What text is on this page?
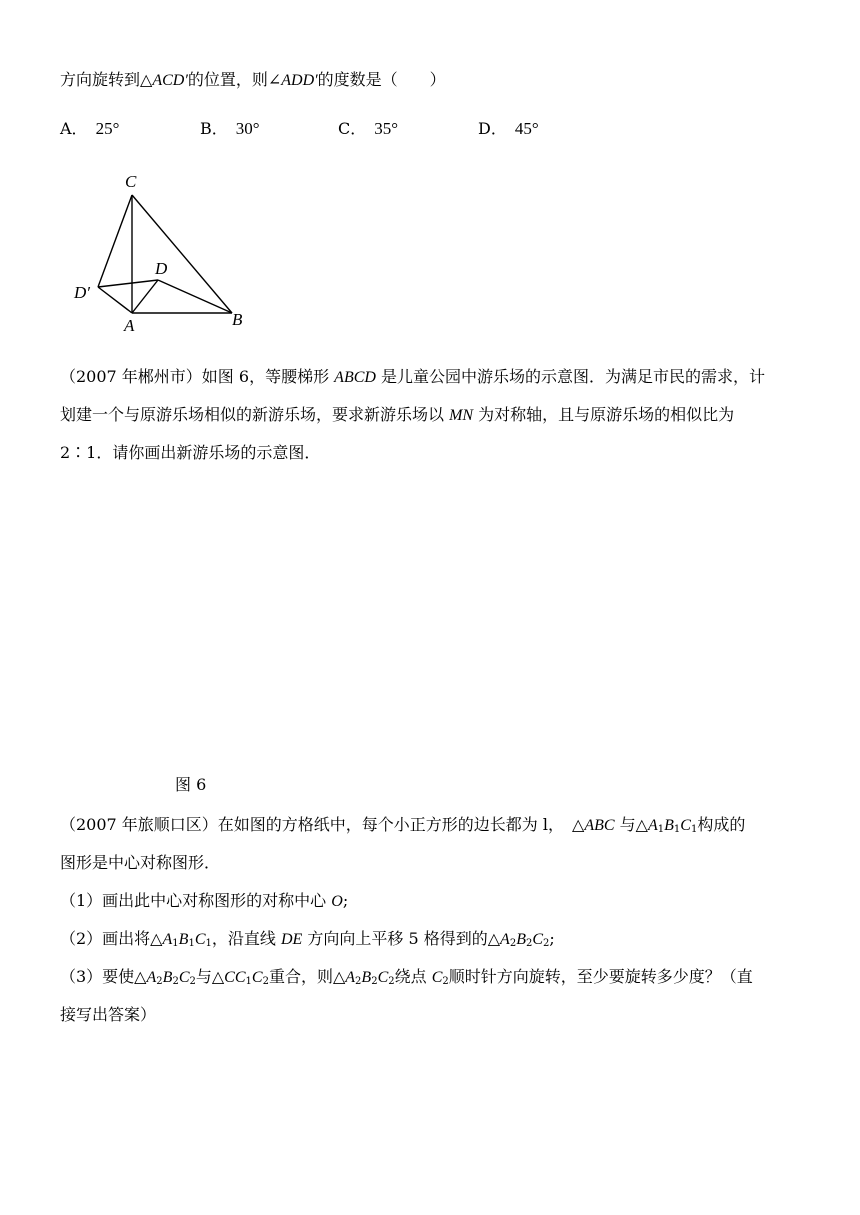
方向旋转到△ACD′的位置，则∠ADD′的度数是（　　）
A． 25°	B． 30°	C． 35°	D． 45°
C
D
D′
A	B
（2007 年郴州市）如图 6，等腰梯形 ABCD 是儿童公园中游乐场的示意图．为满足市民的需求，计
划建一个与原游乐场相似的新游乐场，要求新游乐场以 MN 为对称轴，且与原游乐场的相似比为
2∶1．请你画出新游乐场的示意图．
图 6
（2007 年旅顺口区）在如图的方格纸中，每个小正方形的边长都为 l，　△ABC 与$\triangle A_1B_1C_1$构成的
图形是中心对称图形．
（1）画出此中心对称图形的对称中心 O;
（2）画出将$\triangle A_1B_1C_1$，沿直线 DE 方向向上平移 5 格得到的$\triangle A_2B_2C_2$;
（3）要使$\triangle A_2B_2C_2$与$\triangle CC_1C_2$重合，则$\triangle A_2B_2C_2$绕点 $C_2$顺时针方向旋转，至少要旋转多少度？（直
接写出答案）
